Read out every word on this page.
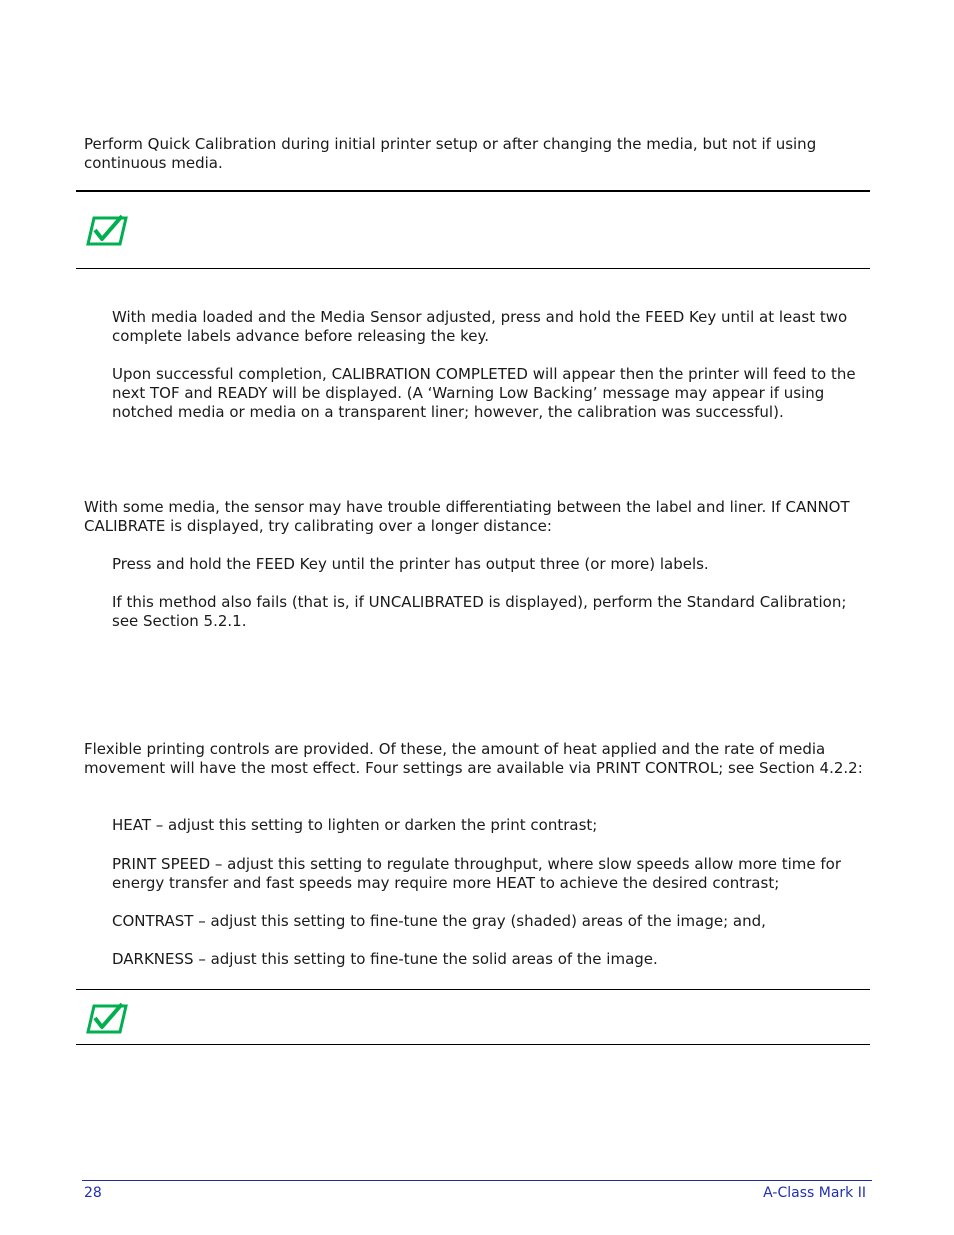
Perform Quick Calibration during initial printer setup or after changing the media, but not if using continuous media.

With media loaded and the Media Sensor adjusted, press and hold the FEED Key until at least two complete labels advance before releasing the key.

Upon successful completion, CALIBRATION COMPLETED will appear then the printer will feed to the next TOF and READY will be displayed. (A ‘Warning Low Backing’ message may appear if using notched media or media on a transparent liner; however, the calibration was successful).

With some media, the sensor may have trouble differentiating between the label and liner. If CANNOT CALIBRATE is displayed, try calibrating over a longer distance:

Press and hold the FEED Key until the printer has output three (or more) labels.

If this method also fails (that is, if UNCALIBRATED is displayed), perform the Standard Calibration; see Section 5.2.1.

Flexible printing controls are provided. Of these, the amount of heat applied and the rate of media movement will have the most effect. Four settings are available via PRINT CONTROL; see Section 4.2.2:

HEAT – adjust this setting to lighten or darken the print contrast;

PRINT SPEED – adjust this setting to regulate throughput, where slow speeds allow more time for energy transfer and fast speeds may require more HEAT to achieve the desired contrast;

CONTRAST – adjust this setting to fine-tune the gray (shaded) areas of the image; and,

DARKNESS – adjust this setting to fine-tune the solid areas of the image.

28	A-Class Mark II
